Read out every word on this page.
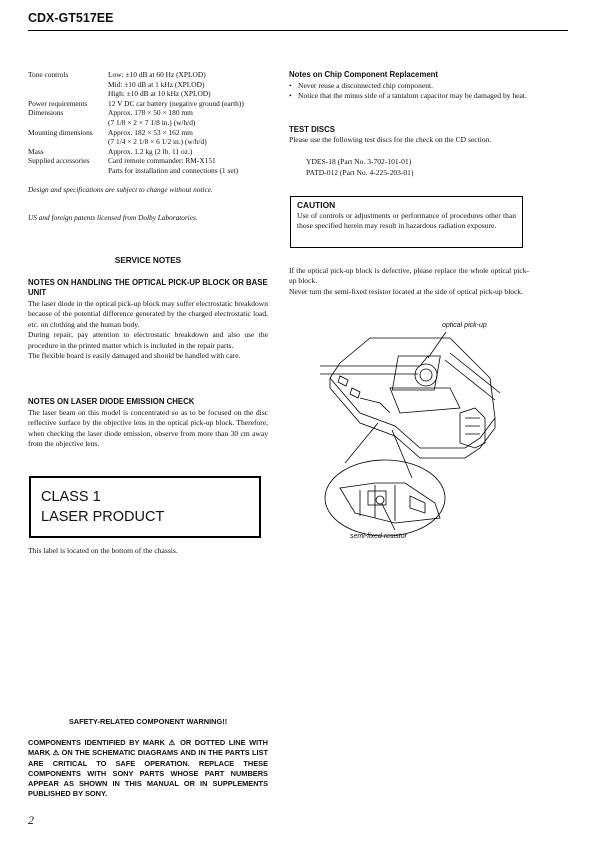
CDX-GT517EE
Tone controls	Low: ±10 dB at 60 Hz (XPLOD)
Mid: ±10 dB at 1 kHz (XPLOD)
High: ±10 dB at 10 kHz (XPLOD)
Power requirements	12 V DC car battery (negative ground (earth))
Dimensions	Approx. 178 × 50 × 180 mm
(7 1/8 × 2 × 7 1/8 in.) (w/h/d)
Mounting dimensions	Approx. 182 × 53 × 162 mm
(7 1/4 × 2 1/8 × 6 1/2 in.) (w/h/d)
Mass	Approx. 1.2 kg (2 lb. 11 oz.)
Supplied accessories	Card remote commander: RM-X151
Parts for installation and connections (1 set)
Design and specifications are subject to change without notice.
US and foreign patents licensed from Dolby Laboratories.
SERVICE NOTES
NOTES ON HANDLING THE OPTICAL PICK-UP BLOCK OR BASE UNIT

The laser diode in the optical pick-up block may suffer electrostatic breakdown because of the potential difference generated by the charged electrostatic load, etc. on clothing and the human body.

During repair, pay attention to electrostatic breakdown and also use the procedure in the printed matter which is included in the repair parts.

The flexible board is easily damaged and should be handled with care.

NOTES ON LASER DIODE EMISSION CHECK

The laser beam on this model is concentrated so as to be focused on the disc reflective surface by the objective lens in the optical pick-up block. Therefore, when checking the laser diode emission, observe from more than 30 cm away from the objective lens.

CLASS 1
LASER PRODUCT
This label is located on the bottom of the chassis.
Notes on Chip Component Replacement
• Never reuse a disconnected chip component.
• Notice that the minus side of a tantalum capacitor may be damaged by heat.
TEST DISCS
Please use the following test discs for the check on the CD section.
YDES-18 (Part No. 3-702-101-01)
PATD-012 (Part No. 4-225-203-01)
CAUTION
Use of controls or adjustments or performance of procedures other than those specified herein may result in hazardous radiation exposure.

If the optical pick-up block is defective, please replace the whole optical pick-up block.

Never turn the semi-fixed resistor located at the side of optical pick-up block.

optical pick-up
semi-fixed resistor
SAFETY-RELATED COMPONENT WARNING!!
COMPONENTS IDENTIFIED BY MARK ⚠ OR DOTTED LINE WITH MARK ⚠ ON THE SCHEMATIC DIAGRAMS AND IN THE PARTS LIST ARE CRITICAL TO SAFE OPERATION. REPLACE THESE COMPONENTS WITH SONY PARTS WHOSE PART NUMBERS APPEAR AS SHOWN IN THIS MANUAL OR IN SUPPLEMENTS PUBLISHED BY SONY.
2
